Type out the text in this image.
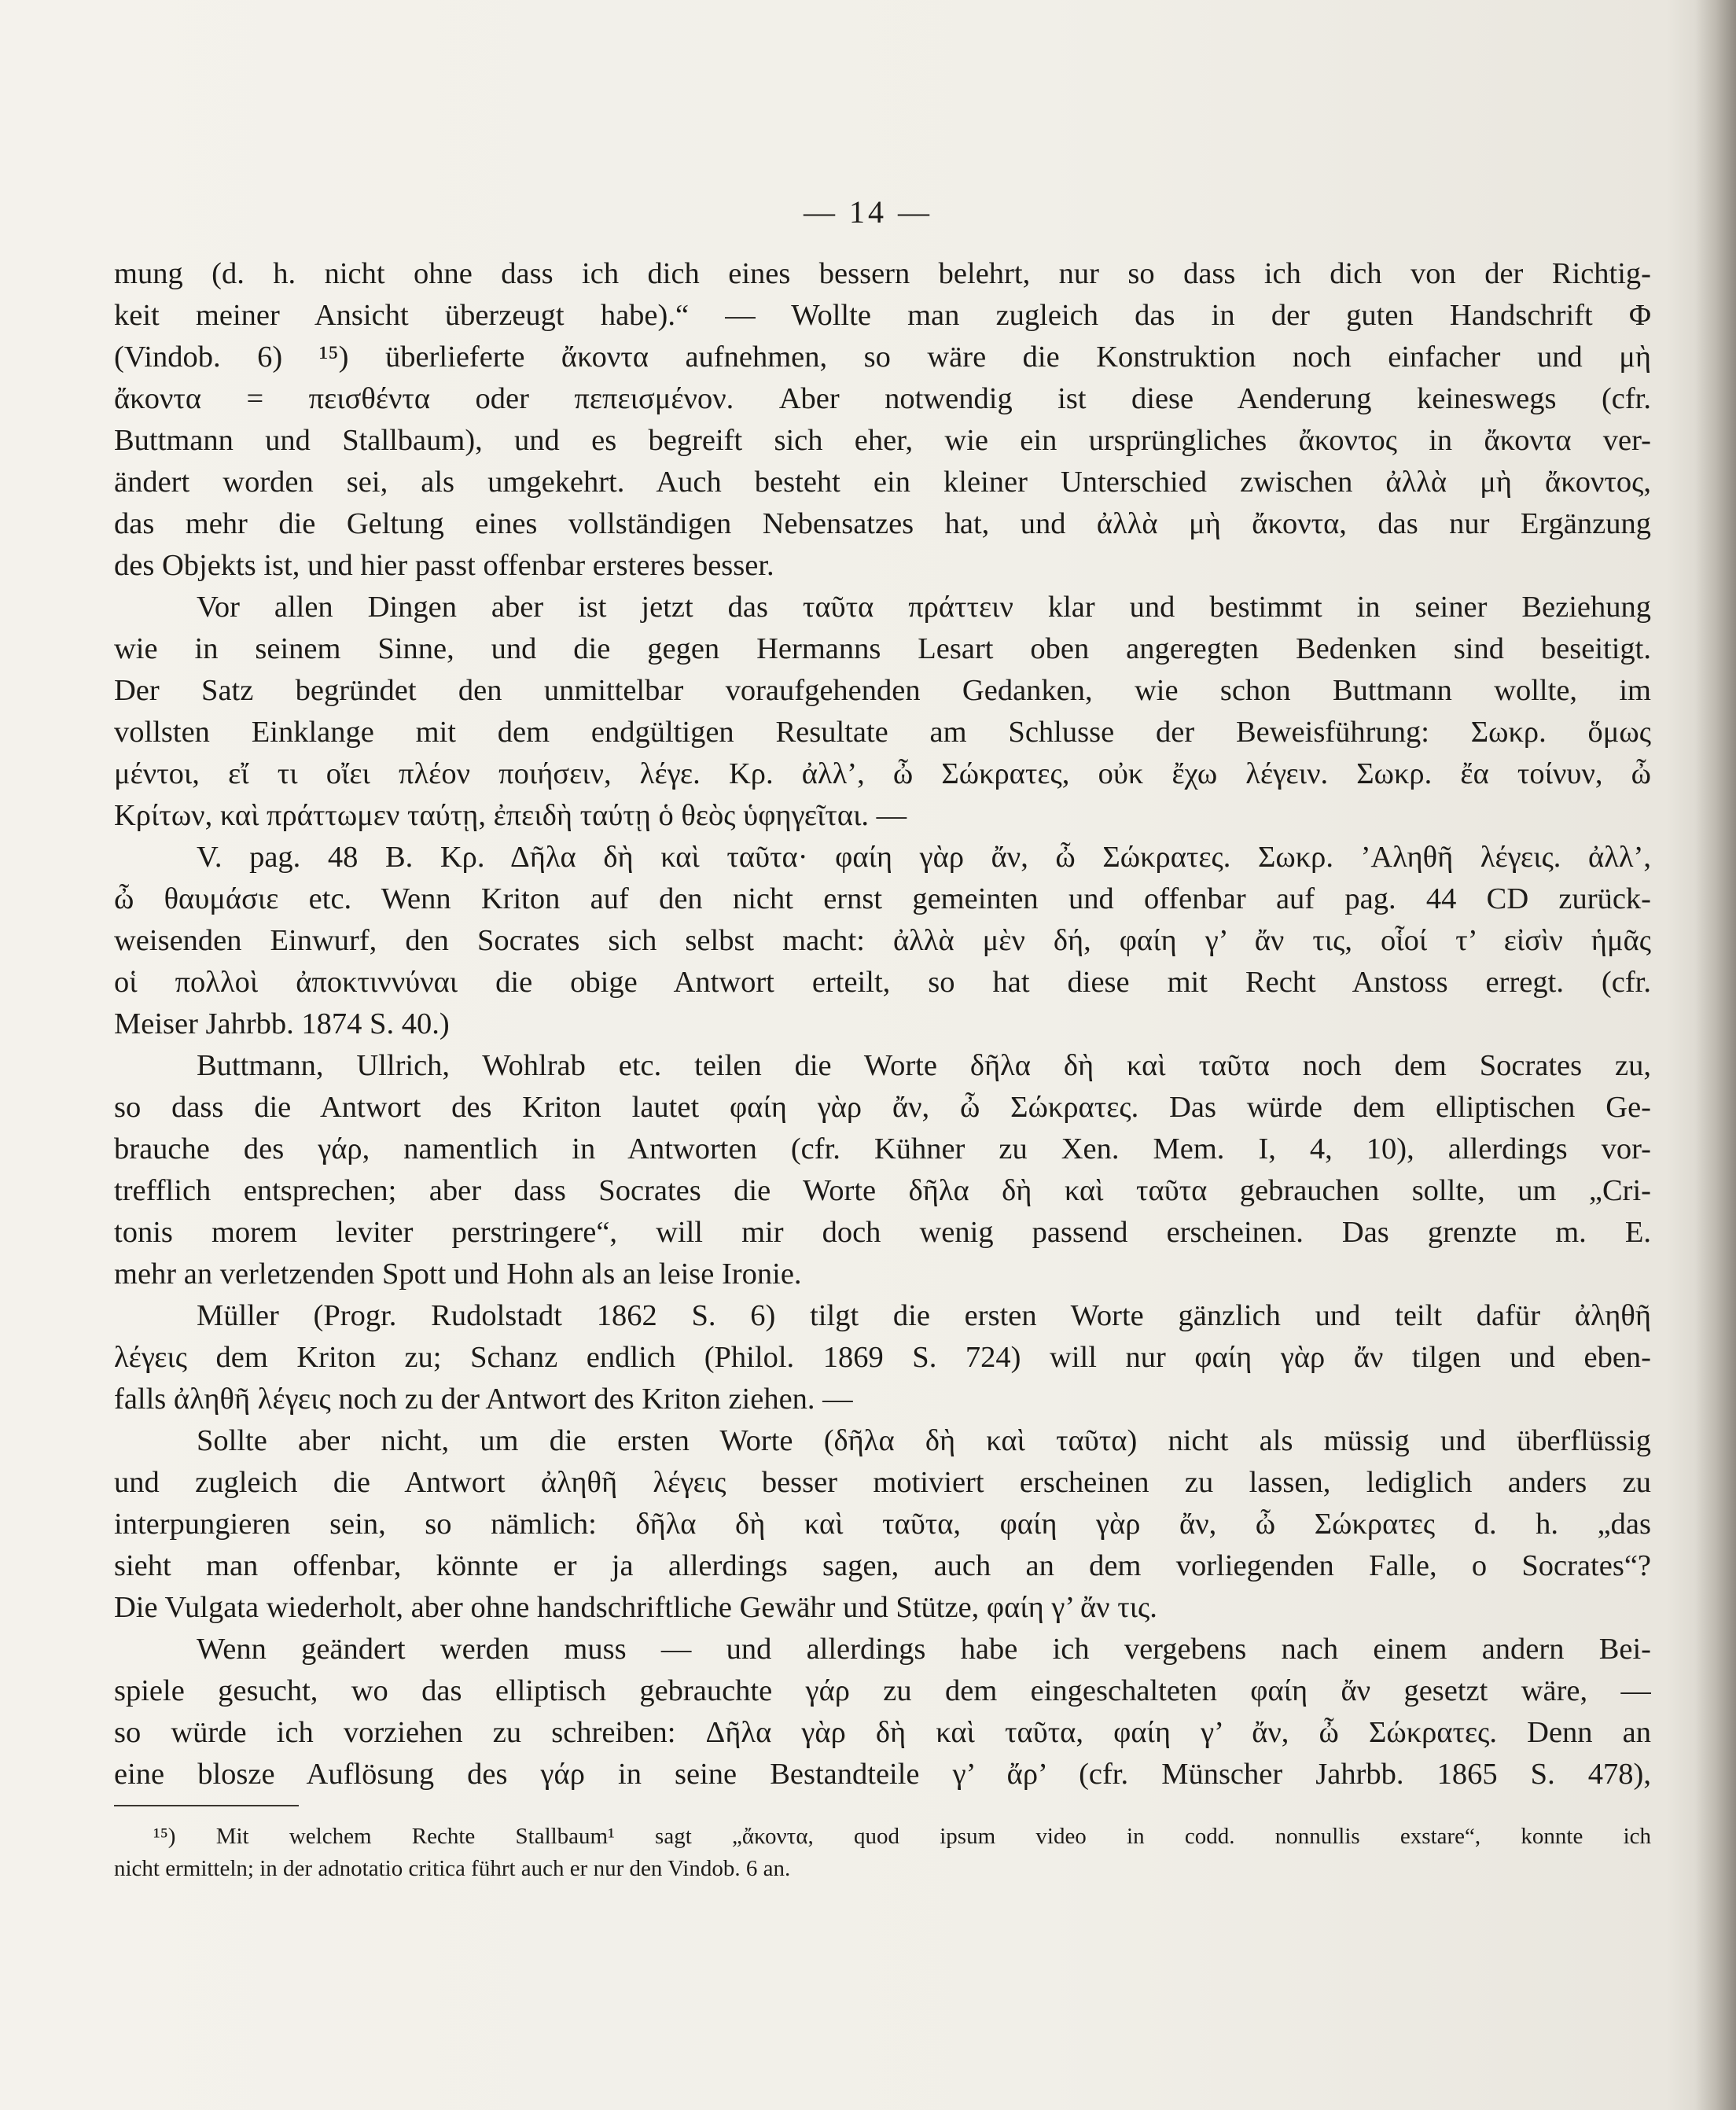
— 14 —
mung (d. h. nicht ohne dass ich dich eines bessern belehrt, nur so dass ich dich von der Richtig-
keit meiner Ansicht überzeugt habe).“ — Wollte man zugleich das in der guten Handschrift Φ
(Vindob. 6) ¹⁵) überlieferte ἄκοντα aufnehmen, so wäre die Konstruktion noch einfacher und μὴ
ἄκοντα = πεισθέντα oder πεπεισμένον. Aber notwendig ist diese Aenderung keineswegs (cfr.
Buttmann und Stallbaum), und es begreift sich eher, wie ein ursprüngliches ἄκοντος in ἄκοντα ver-
ändert worden sei, als umgekehrt. Auch besteht ein kleiner Unterschied zwischen ἀλλὰ μὴ ἄκοντος,
das mehr die Geltung eines vollständigen Nebensatzes hat, und ἀλλὰ μὴ ἄκοντα, das nur Ergänzung
des Objekts ist, und hier passt offenbar ersteres besser.
Vor allen Dingen aber ist jetzt das ταῦτα πράττειν klar und bestimmt in seiner Beziehung
wie in seinem Sinne, und die gegen Hermanns Lesart oben angeregten Bedenken sind beseitigt.
Der Satz begründet den unmittelbar voraufgehenden Gedanken, wie schon Buttmann wollte, im
vollsten Einklange mit dem endgültigen Resultate am Schlusse der Beweisführung: Σωκρ. ὅμως
μέντοι, εἴ τι οἴει πλέον ποιήσειν, λέγε. Κρ. ἀλλ’, ὦ Σώκρατες, οὐκ ἔχω λέγειν. Σωκρ. ἔα τοίνυν, ὦ
Κρίτων, καὶ πράττωμεν ταύτῃ, ἐπειδὴ ταύτῃ ὁ θεὸς ὑφηγεῖται. —
V. pag. 48 B. Κρ. Δῆλα δὴ καὶ ταῦτα· φαίη γὰρ ἄν, ὦ Σώκρατες. Σωκρ. ’Αληθῆ λέγεις. ἀλλ’,
ὦ θαυμάσιε etc. Wenn Kriton auf den nicht ernst gemeinten und offenbar auf pag. 44 CD zurück-
weisenden Einwurf, den Socrates sich selbst macht: ἀλλὰ μὲν δή, φαίη γ’ ἄν τις, οἷοί τ’ εἰσὶν ἡμᾶς
οἱ πολλοὶ ἀποκτιννύναι die obige Antwort erteilt, so hat diese mit Recht Anstoss erregt. (cfr.
Meiser Jahrbb. 1874 S. 40.)
Buttmann, Ullrich, Wohlrab etc. teilen die Worte δῆλα δὴ καὶ ταῦτα noch dem Socrates zu,
so dass die Antwort des Kriton lautet φαίη γὰρ ἄν, ὦ Σώκρατες. Das würde dem elliptischen Ge-
brauche des γάρ, namentlich in Antworten (cfr. Kühner zu Xen. Mem. I, 4, 10), allerdings vor-
trefflich entsprechen; aber dass Socrates die Worte δῆλα δὴ καὶ ταῦτα gebrauchen sollte, um „Cri-
tonis morem leviter perstringere“, will mir doch wenig passend erscheinen. Das grenzte m. E.
mehr an verletzenden Spott und Hohn als an leise Ironie.
Müller (Progr. Rudolstadt 1862 S. 6) tilgt die ersten Worte gänzlich und teilt dafür ἀληθῆ
λέγεις dem Kriton zu; Schanz endlich (Philol. 1869 S. 724) will nur φαίη γὰρ ἄν tilgen und eben-
falls ἀληθῆ λέγεις noch zu der Antwort des Kriton ziehen. —
Sollte aber nicht, um die ersten Worte (δῆλα δὴ καὶ ταῦτα) nicht als müssig und überflüssig
und zugleich die Antwort ἀληθῆ λέγεις besser motiviert erscheinen zu lassen, lediglich anders zu
interpungieren sein, so nämlich: δῆλα δὴ καὶ ταῦτα, φαίη γὰρ ἄν, ὦ Σώκρατες d. h. „das
sieht man offenbar, könnte er ja allerdings sagen, auch an dem vorliegenden Falle, o Socrates“?
Die Vulgata wiederholt, aber ohne handschriftliche Gewähr und Stütze, φαίη γ’ ἄν τις.
Wenn geändert werden muss — und allerdings habe ich vergebens nach einem andern Bei-
spiele gesucht, wo das elliptisch gebrauchte γάρ zu dem eingeschalteten φαίη ἄν gesetzt wäre, —
so würde ich vorziehen zu schreiben: Δῆλα γὰρ δὴ καὶ ταῦτα, φαίη γ’ ἄν, ὦ Σώκρατες. Denn an
eine blosze Auflösung des γάρ in seine Bestandteile γ’ ἄρ’ (cfr. Münscher Jahrbb. 1865 S. 478),
¹⁵) Mit welchem Rechte Stallbaum¹ sagt „ἄκοντα, quod ipsum video in codd. nonnullis exstare“, konnte ich
nicht ermitteln; in der adnotatio critica führt auch er nur den Vindob. 6 an.
